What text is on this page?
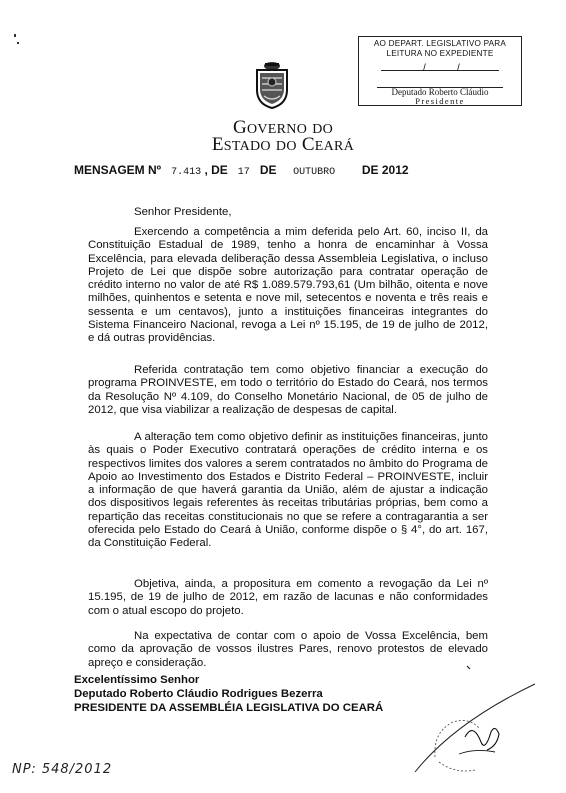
AO DEPART. LEGISLATIVO PARA
LEITURA NO EXPEDIENTE
/	/
Deputado Roberto Cláudio
Presidente
GOVERNO DO
ESTADO DO CEARÁ
MENSAGEM Nº 7.413 , DE 17 DE OUTUBRO DE 2012
Senhor Presidente,
Exercendo a competência a mim deferida pelo Art. 60, inciso II, da Constituição Estadual de 1989, tenho a honra de encaminhar à Vossa Excelência, para elevada deliberação dessa Assembleia Legislativa, o incluso Projeto de Lei que dispõe sobre autorização para contratar operação de crédito interno no valor de até R$ 1.089.579.793,61 (Um bilhão, oitenta e nove milhões, quinhentos e setenta e nove mil, setecentos e noventa e três reais e sessenta e um centavos), junto a instituições financeiras integrantes do Sistema Financeiro Nacional, revoga a Lei nº 15.195, de 19 de julho de 2012, e dá outras providências.
Referida contratação tem como objetivo financiar a execução do programa PROINVESTE, em todo o território do Estado do Ceará, nos termos da Resolução Nº 4.109, do Conselho Monetário Nacional, de 05 de julho de 2012, que visa viabilizar a realização de despesas de capital.
A alteração tem como objetivo definir as instituições financeiras, junto às quais o Poder Executivo contratará operações de crédito interna e os respectivos limites dos valores a serem contratados no âmbito do Programa de Apoio ao Investimento dos Estados e Distrito Federal – PROINVESTE, incluir a informação de que haverá garantia da União, além de ajustar a indicação dos dispositivos legais referentes às receitas tributárias próprias, bem como a repartição das receitas constitucionais no que se refere a contragarantia a ser oferecida pelo Estado do Ceará à União, conforme dispõe o § 4°, do art. 167, da Constituição Federal.
Objetiva, ainda, a propositura em comento a revogação da Lei nº 15.195, de 19 de julho de 2012, em razão de lacunas e não conformidades com o atual escopo do projeto.
Na expectativa de contar com o apoio de Vossa Excelência, bem como da aprovação de vossos ilustres Pares, renovo protestos de elevado apreço e consideração.
Excelentíssimo Senhor
Deputado Roberto Cláudio Rodrigues Bezerra
PRESIDENTE DA ASSEMBLÉIA LEGISLATIVA DO CEARÁ
NP: 548/2012
